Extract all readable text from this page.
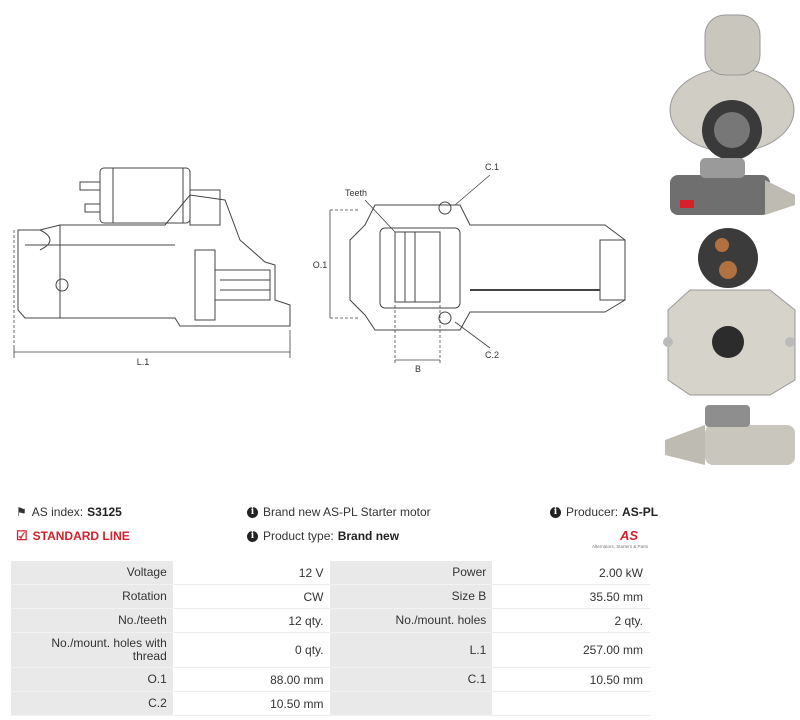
L.1
O.1
Teeth
C.1
C.2
B
⚑ AS index: S3125
☑ STANDARD LINE
i Brand new AS-PL Starter motor
i Product type: Brand new
i Producer: AS-PL
AS
Alternators, Starters & Parts
Voltage	12 V	Power	2.00 kW
Rotation	CW	Size B	35.50 mm
No./teeth	12 qty.	No./mount. holes	2 qty.
No./mount. holes with thread	0 qty.	L.1	257.00 mm
O.1	88.00 mm	C.1	10.50 mm
C.2	10.50 mm		
